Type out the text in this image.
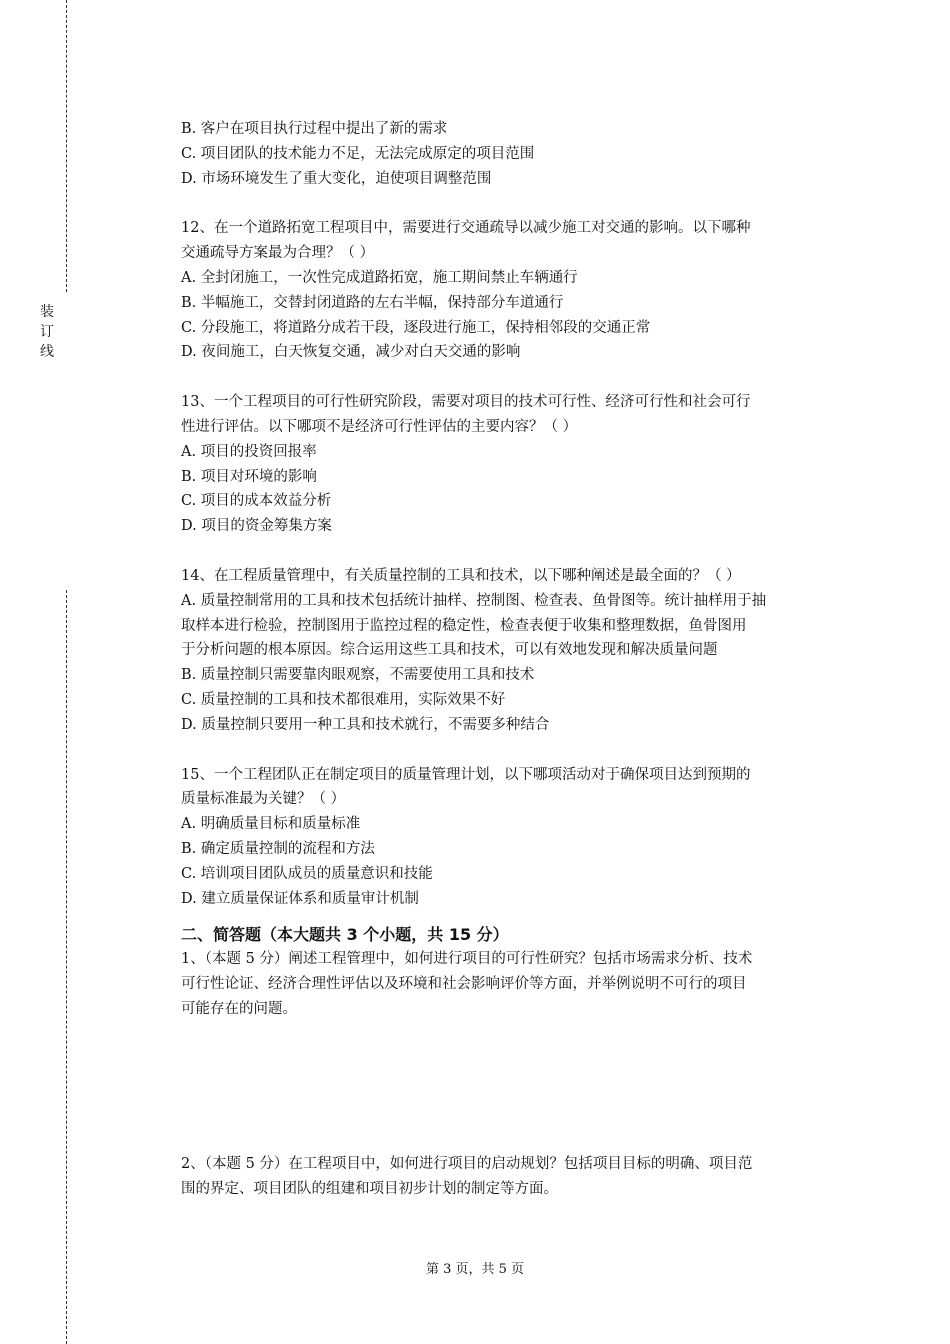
装
订
线
B. 客户在项目执行过程中提出了新的需求
C. 项目团队的技术能力不足，无法完成原定的项目范围
D. 市场环境发生了重大变化，迫使项目调整范围
12、在一个道路拓宽工程项目中，需要进行交通疏导以减少施工对交通的影响。以下哪种
交通疏导方案最为合理？（ ）
A. 全封闭施工，一次性完成道路拓宽，施工期间禁止车辆通行
B. 半幅施工，交替封闭道路的左右半幅，保持部分车道通行
C. 分段施工，将道路分成若干段，逐段进行施工，保持相邻段的交通正常
D. 夜间施工，白天恢复交通，减少对白天交通的影响
13、一个工程项目的可行性研究阶段，需要对项目的技术可行性、经济可行性和社会可行
性进行评估。以下哪项不是经济可行性评估的主要内容？（ ）
A. 项目的投资回报率
B. 项目对环境的影响
C. 项目的成本效益分析
D. 项目的资金筹集方案
14、在工程质量管理中，有关质量控制的工具和技术，以下哪种阐述是最全面的？（ ）
A. 质量控制常用的工具和技术包括统计抽样、控制图、检查表、鱼骨图等。统计抽样用于抽
取样本进行检验，控制图用于监控过程的稳定性，检查表便于收集和整理数据，鱼骨图用
于分析问题的根本原因。综合运用这些工具和技术，可以有效地发现和解决质量问题
B. 质量控制只需要靠肉眼观察，不需要使用工具和技术
C. 质量控制的工具和技术都很难用，实际效果不好
D. 质量控制只要用一种工具和技术就行，不需要多种结合
15、一个工程团队正在制定项目的质量管理计划，以下哪项活动对于确保项目达到预期的
质量标准最为关键？（ ）
A. 明确质量目标和质量标准
B. 确定质量控制的流程和方法
C. 培训项目团队成员的质量意识和技能
D. 建立质量保证体系和质量审计机制
二、简答题（本大题共 3 个小题，共 15 分）
1、（本题 5 分）阐述工程管理中，如何进行项目的可行性研究？包括市场需求分析、技术
可行性论证、经济合理性评估以及环境和社会影响评价等方面，并举例说明不可行的项目
可能存在的问题。
2、（本题 5 分）在工程项目中，如何进行项目的启动规划？包括项目目标的明确、项目范
围的界定、项目团队的组建和项目初步计划的制定等方面。
第 3 页，共 5 页
